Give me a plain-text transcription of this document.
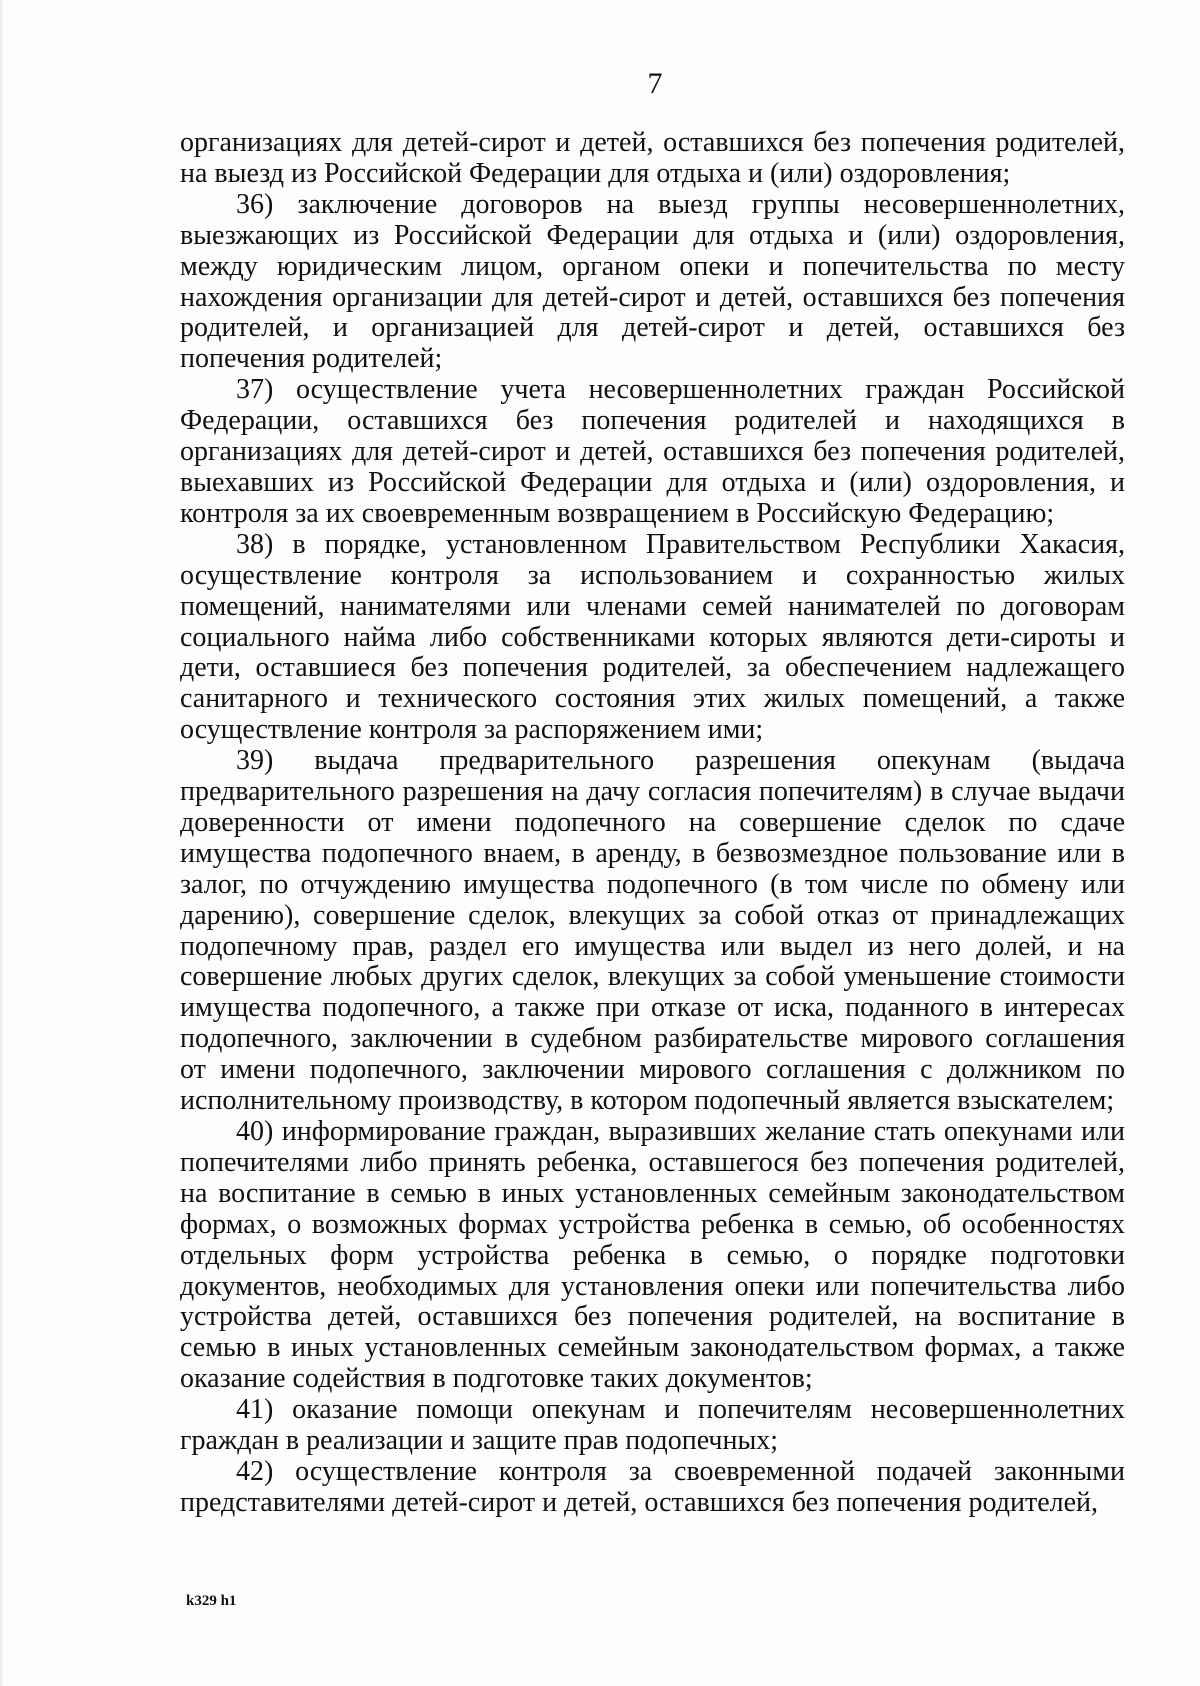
7

организациях для детей-сирот и детей, оставшихся без попечения родителей, на выезд из Российской Федерации для отдыха и (или) оздоровления;

36) заключение договоров на выезд группы несовершеннолетних, выезжающих из Российской Федерации для отдыха и (или) оздоровления, между юридическим лицом, органом опеки и попечительства по месту нахождения организации для детей-сирот и детей, оставшихся без попечения родителей, и организацией для детей-сирот и детей, оставшихся без попечения родителей;

37) осуществление учета несовершеннолетних граждан Российской Федерации, оставшихся без попечения родителей и находящихся в организациях для детей-сирот и детей, оставшихся без попечения родителей, выехавших из Российской Федерации для отдыха и (или) оздоровления, и контроля за их своевременным возвращением в Российскую Федерацию;

38) в порядке, установленном Правительством Республики Хакасия, осуществление контроля за использованием и сохранностью жилых помещений, нанимателями или членами семей нанимателей по договорам социального найма либо собственниками которых являются дети-сироты и дети, оставшиеся без попечения родителей, за обеспечением надлежащего санитарного и технического состояния этих жилых помещений, а также осуществление контроля за распоряжением ими;

39) выдача предварительного разрешения опекунам (выдача предварительного разрешения на дачу согласия попечителям) в случае выдачи доверенности от имени подопечного на совершение сделок по сдаче имущества подопечного внаем, в аренду, в безвозмездное пользование или в залог, по отчуждению имущества подопечного (в том числе по обмену или дарению), совершение сделок, влекущих за собой отказ от принадлежащих подопечному прав, раздел его имущества или выдел из него долей, и на совершение любых других сделок, влекущих за собой уменьшение стоимости имущества подопечного, а также при отказе от иска, поданного в интересах подопечного, заключении в судебном разбирательстве мирового соглашения от имени подопечного, заключении мирового соглашения с должником по исполнительному производству, в котором подопечный является взыскателем;

40) информирование граждан, выразивших желание стать опекунами или попечителями либо принять ребенка, оставшегося без попечения родителей, на воспитание в семью в иных установленных семейным законодательством формах, о возможных формах устройства ребенка в семью, об особенностях отдельных форм устройства ребенка в семью, о порядке подготовки документов, необходимых для установления опеки или попечительства либо устройства детей, оставшихся без попечения родителей, на воспитание в семью в иных установленных семейным законодательством формах, а также оказание содействия в подготовке таких документов;

41) оказание помощи опекунам и попечителям несовершеннолетних граждан в реализации и защите прав подопечных;

42) осуществление контроля за своевременной подачей законными представителями детей-сирот и детей, оставшихся без попечения родителей,

k329 h1
